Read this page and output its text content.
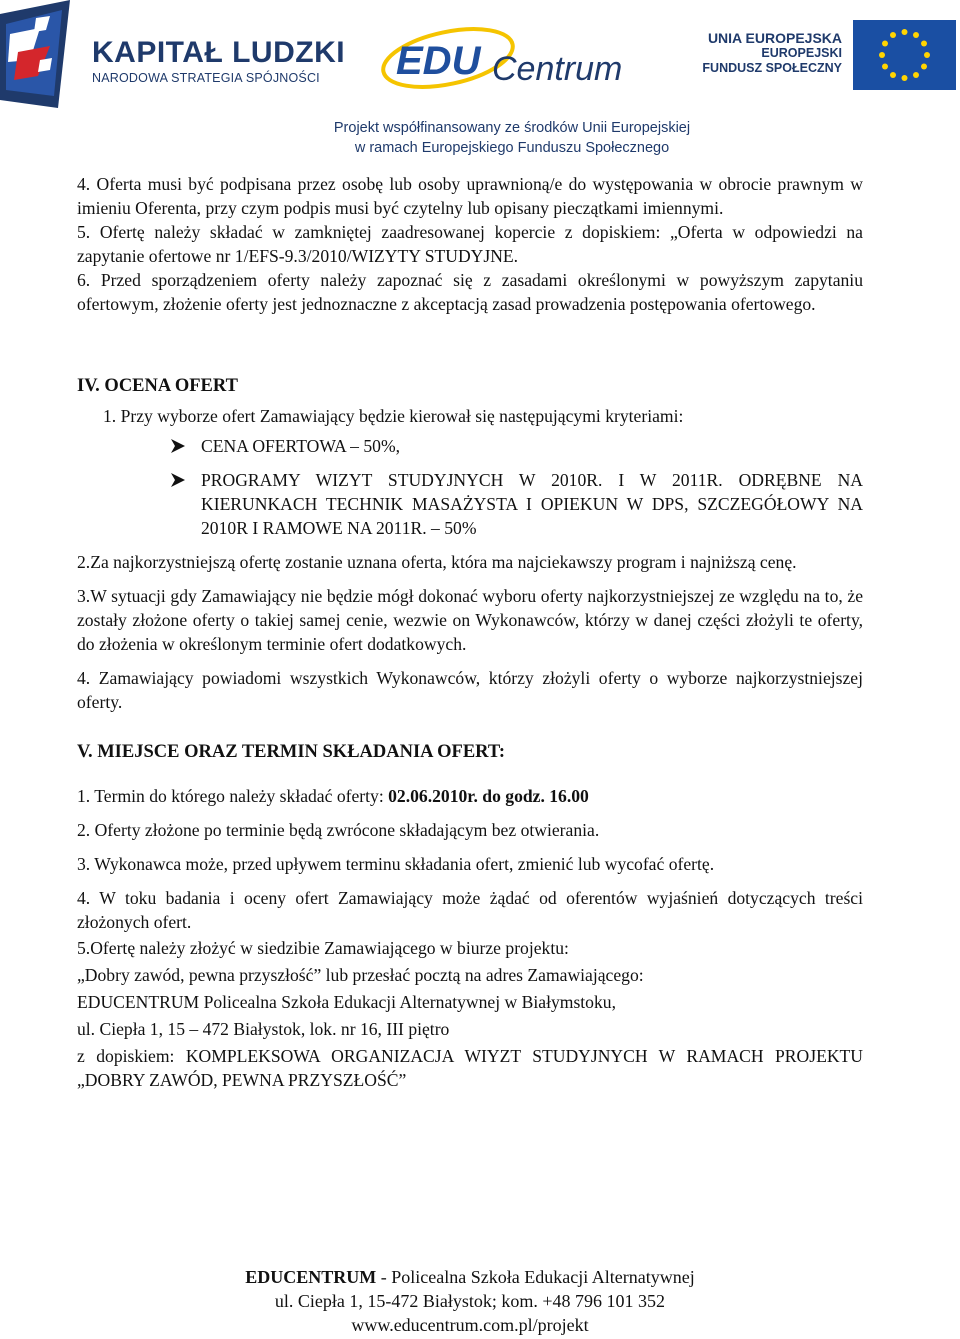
KAPITAŁ LUDZKI
NARODOWA STRATEGIA SPÓJNOŚCI	EDU Centrum
UNIA EUROPEJSKA
EUROPEJSKI
FUNDUSZ SPOŁECZNY
Projekt współfinansowany ze środków Unii Europejskiej
w ramach Europejskiego Funduszu Społecznego

4. Oferta musi być podpisana przez osobę lub osoby uprawnioną/e do występowania w obrocie prawnym w imieniu Oferenta, przy czym podpis musi być czytelny lub opisany pieczątkami imiennymi.

5. Ofertę należy składać w zamkniętej zaadresowanej kopercie z dopiskiem: „Oferta w odpowiedzi na zapytanie ofertowe nr 1/EFS-9.3/2010/WIZYTY STUDYJNE.

6. Przed sporządzeniem oferty należy zapoznać się z zasadami określonymi w powyższym zapytaniu ofertowym, złożenie oferty jest jednoznaczne z akceptacją zasad prowadzenia postępowania ofertowego.

IV. OCENA OFERT

1. Przy wyborze ofert Zamawiający będzie kierował się następującymi kryteriami:

CENA OFERTOWA – 50%,
PROGRAMY WIZYT STUDYJNYCH W 2010R. I W 2011R. ODRĘBNE NA KIERUNKACH TECHNIK MASAŻYSTA I OPIEKUN W DPS, SZCZEGÓŁOWY NA 2010R I RAMOWE NA 2011R. – 50%

2.Za najkorzystniejszą ofertę zostanie uznana oferta, która ma najciekawszy program i najniższą cenę.

3.W sytuacji gdy Zamawiający nie będzie mógł dokonać wyboru oferty najkorzystniejszej ze względu na to, że zostały złożone oferty o takiej samej cenie, wezwie on Wykonawców, którzy w danej części złożyli te oferty, do złożenia w określonym terminie ofert dodatkowych.

4. Zamawiający powiadomi wszystkich Wykonawców, którzy złożyli oferty o wyborze najkorzystniejszej oferty.

V. MIEJSCE ORAZ TERMIN SKŁADANIA OFERT:

1. Termin do którego należy składać oferty: 02.06.2010r. do godz. 16.00

2. Oferty złożone po terminie będą zwrócone składającym bez otwierania.

3. Wykonawca może, przed upływem terminu składania ofert, zmienić lub wycofać ofertę.

4. W toku badania i oceny ofert Zamawiający może żądać od oferentów wyjaśnień dotyczących treści złożonych ofert.

5.Ofertę należy złożyć w siedzibie Zamawiającego w biurze projektu:

„Dobry zawód, pewna przyszłość” lub przesłać pocztą na adres Zamawiającego:

EDUCENTRUM Policealna Szkoła Edukacji Alternatywnej w Białymstoku,

ul. Ciepła 1, 15 – 472 Białystok, lok. nr 16, III piętro

z dopiskiem: KOMPLEKSOWA ORGANIZACJA WIYZT STUDYJNYCH W RAMACH PROJEKTU „DOBRY ZAWÓD, PEWNA PRZYSZŁOŚĆ”

EDUCENTRUM - Policealna Szkoła Edukacji Alternatywnej
ul. Ciepła 1, 15-472 Białystok; kom. +48 796 101 352
www.educentrum.com.pl/projekt
